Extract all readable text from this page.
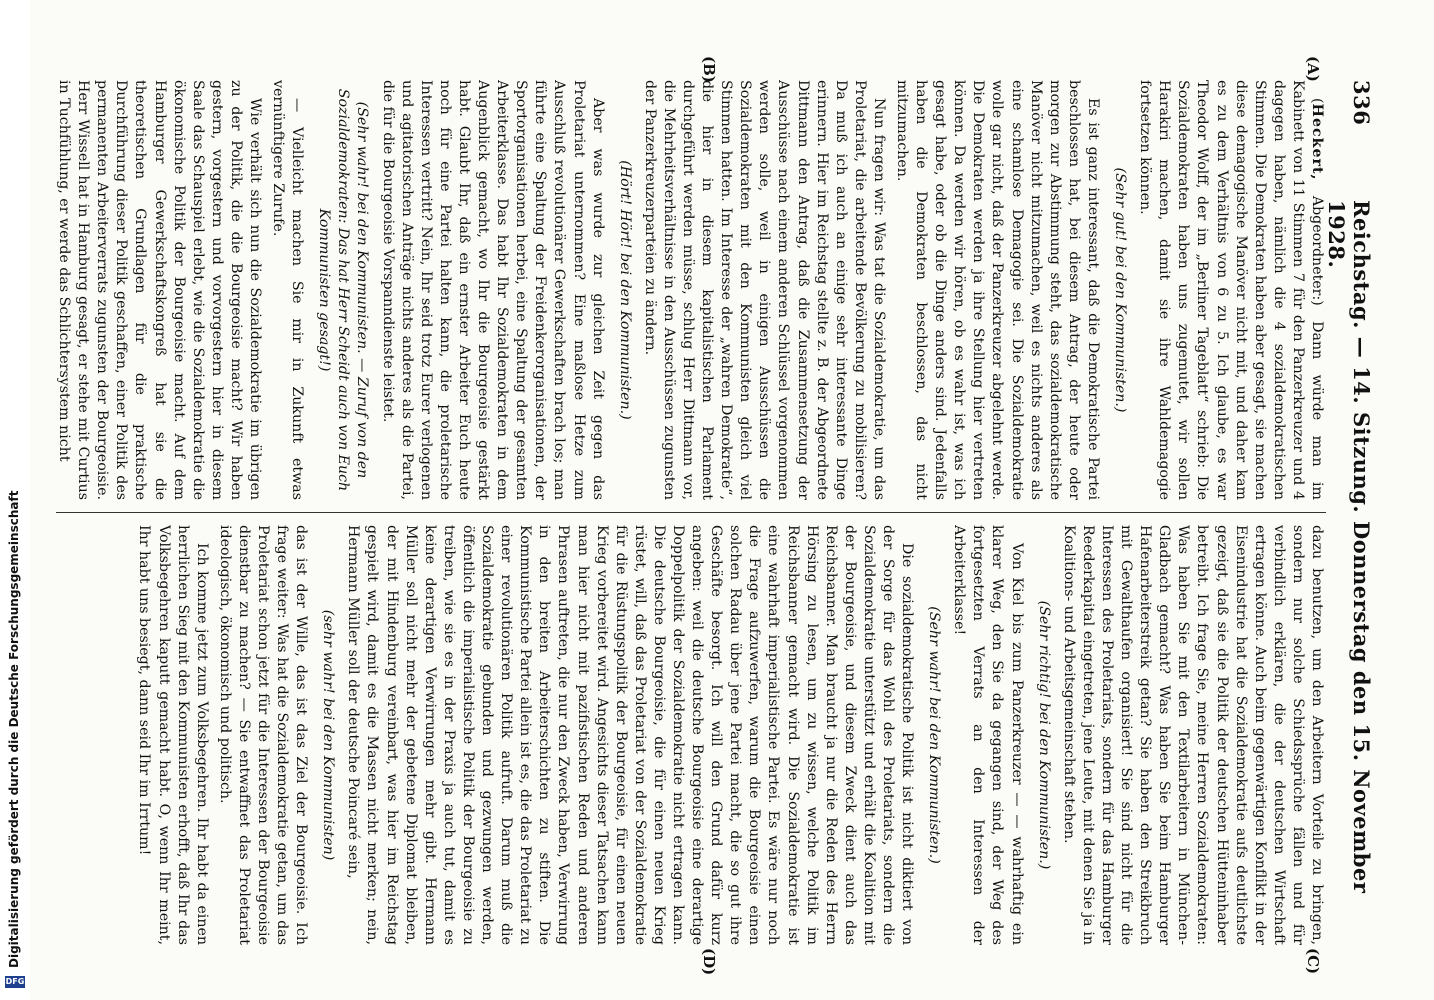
DFGDigitalisierung gefördert durch die Deutsche Forschungsgemeinschaft
336
Reichstag. — 14. Sitzung. Donnerstag den 15. November 1928.
(A)
(B)
(C)
(D)

(Heckert, Abgeordneter:) Dann würde man im Kabinett von 11 Stimmen 7 für den Panzerkreuzer und 4 dagegen haben, nämlich die 4 sozialdemokratischen Stimmen. Die Demokraten haben aber gesagt, sie machen diese demagogische Manöver nicht mit, und daher kam es zu dem Verhältnis von 6 zu 5. Ich glaube, es war Theodor Wolff, der im „Berliner Tageblatt“ schrieb: Die Sozialdemokraten haben uns zugemutet, wir sollen Harakiri machen, damit sie ihre Wahldemagogie fortsetzen können.

(Sehr gut! bei den Kommunisten.)

Es ist ganz interessant, daß die Demokratische Partei beschlossen hat, bei diesem Antrag, der heute oder morgen zur Abstimmung steht, das sozialdemokratische Manöver nicht mitzumachen, weil es nichts anderes als eine schamlose Demagogie sei. Die Sozialdemokratie wolle gar nicht, daß der Panzerkreuzer abgelehnt werde. Die Demokraten werden ja ihre Stellung hier vertreten können. Da werden wir hören, ob es wahr ist, was ich gesagt habe, oder ob die Dinge anders sind. Jedenfalls haben die Demokraten beschlossen, das nicht mitzumachen.

Nun fragen wir: Was tat die Sozialdemokratie, um das Proletariat, die arbeitende Bevölkerung zu mobilisieren? Da muß ich auch an einige sehr interessante Dinge erinnern. Hier im Reichstag stellte z. B. der Abgeordnete Dittmann den Antrag, daß die Zusammensetzung der Ausschüsse nach einem anderen Schlüssel vorgenommen werden solle, weil in einigen Ausschüssen die Sozialdemokraten mit den Kommunisten gleich viel Stimmen hatten. Im Interesse der „wahren Demokratie“, die hier in diesem kapitalistischen Parlament durchgeführt werden müsse, schlug Herr Dittmann vor, die Mehrheitsverhältnisse in den Ausschüssen zugunsten der Panzerkreuzerparteien zu ändern.

(Hört! Hört! bei den Kommunisten.)

Aber was wurde zur gleichen Zeit gegen das Proletariat unternommen? Eine maßlose Hetze zum Ausschluß revolutionärer Gewerkschaften brach los; man führte eine Spaltung der Freidenkerorganisationen, der Sportorganisationen herbei, eine Spaltung der gesamten Arbeiterklasse. Das habt Ihr Sozialdemokraten in dem Augenblick gemacht, wo Ihr die Bourgeoisie gestärkt habt. Glaubt Ihr, daß ein ernster Arbeiter Euch heute noch für eine Partei halten kann, die proletarische Interessen vertritt? Nein, Ihr seid trotz Eurer verlogenen und agitatorischen Anträge nichts anderes als die Partei, die für die Bourgeoisie Vorspanndienste leistet.

(Sehr wahr! bei den Kommunisten. — Zuruf von den Sozialdemokraten: Das hat Herr Scheidt auch von Euch Kommunisten gesagt!)

— Vielleicht machen Sie mir in Zukunft etwas vernünftigere Zurufe.

Wie verhält sich nun die Sozialdemokratie im übrigen zu der Politik, die die Bourgeoisie macht? Wir haben gestern, vorgestern und vorvorgestern hier in diesem Saale das Schauspiel erlebt, wie die Sozialdemokratie die ökonomische Politik der Bourgeoisie macht. Auf dem Hamburger Gewerkschaftskongreß hat sie die theoretischen Grundlagen für die praktische Durchführung dieser Politik geschaffen, einer Politik des permanenten Arbeiterverrats zugunsten der Bourgeoisie. Herr Wissell hat in Hamburg gesagt, er stehe mit Curtius in Tuchfühlung, er werde das Schlichtersystem nicht

dazu benutzen, um den Arbeitern Vorteile zu bringen, sondern nur solche Schiedssprüche fällen und für verbindlich erklären, die der deutschen Wirtschaft ertragen könne. Auch beim gegenwärtigen Konflikt in der Eisenindustrie hat die Sozialdemokratie aufs deutlichste gezeigt, daß sie die Politik der deutschen Hütteninhaber betreibt. Ich frage Sie, meine Herren Sozialdemokraten: Was haben Sie mit den Textilarbeitern in München-Gladbach gemacht? Was haben Sie beim Hamburger Hafenarbeiterstreik getan? Sie haben den Streikbruch mit Gewalthaufen organisiert! Sie sind nicht für die Interessen des Proletariats, sondern für das Hamburger Reederkapital eingetreten, jene Leute, mit denen Sie ja in Koalitions- und Arbeitsgemeinschaft stehen.

(Sehr richtig! bei den Kommunisten.)

Von Kiel bis zum Panzerkreuzer — — wahrhaftig ein klarer Weg, den Sie da gegangen sind, der Weg des fortgesetzten Verrats an den Interessen der Arbeiterklasse!

(Sehr wahr! bei den Kommunisten.)

Die sozialdemokratische Politik ist nicht diktiert von der Sorge für das Wohl des Proletariats, sondern die Sozialdemokratie unterstützt und erhält die Koalition mit der Bourgeoisie, und diesem Zweck dient auch das Reichsbanner. Man braucht ja nur die Reden des Herrn Hörsing zu lesen, um zu wissen, welche Politik im Reichsbanner gemacht wird. Die Sozialdemokratie ist eine wahrhaft imperialistische Partei. Es wäre nur noch die Frage aufzuwerfen, warum die Bourgeoisie einen solchen Radau über jene Partei macht, die so gut ihre Geschäfte besorgt. Ich will den Grund dafür kurz angeben: weil die deutsche Bourgeoisie eine derartige Doppelpolitik der Sozialdemokratie nicht ertragen kann. Die deutsche Bourgeoisie, die für einen neuen Krieg rüstet, will, daß das Proletariat von der Sozialdemokratie für die Rüstungspolitik der Bourgeoisie, für einen neuen Krieg vorbereitet wird. Angesichts dieser Tatsachen kann man hier nicht mit pazifistischen Reden und anderen Phrasen auftreten, die nur den Zweck haben, Verwirrung in den breiten Arbeiterschichten zu stiften. Die Kommunistische Partei allein ist es, die das Proletariat zu einer revolutionären Politik aufruft. Darum muß die Sozialdemokratie gebunden und gezwungen werden, öffentlich die imperialistische Politik der Bourgeoisie zu treiben, wie sie es in der Praxis ja auch tut, damit es keine derartigen Verwirrungen mehr gibt. Hermann Müller soll nicht mehr der gebetene Diplomat bleiben, der mit Hindenburg vereinbart, was hier im Reichstag gespielt wird, damit es die Massen nicht merken; nein, Hermann Müller soll der deutsche Poincaré sein,

(sehr wahr! bei den Kommunisten)

das ist der Wille, das ist das Ziel der Bourgeoisie. Ich frage weiter: Was hat die Sozialdemokratie getan, um das Proletariat schon jetzt für die Interessen der Bourgeoisie dienstbar zu machen? — Sie entwaffnet das Proletariat ideologisch, ökonomisch und politisch.

Ich komme jetzt zum Volksbegehren. Ihr habt da einen herrlichen Sieg mit den Kommunisten erhofft, daß Ihr das Volksbegehren kaputt gemacht habt. O, wenn Ihr meint, Ihr habt uns besiegt, dann seid Ihr im Irrtum!
